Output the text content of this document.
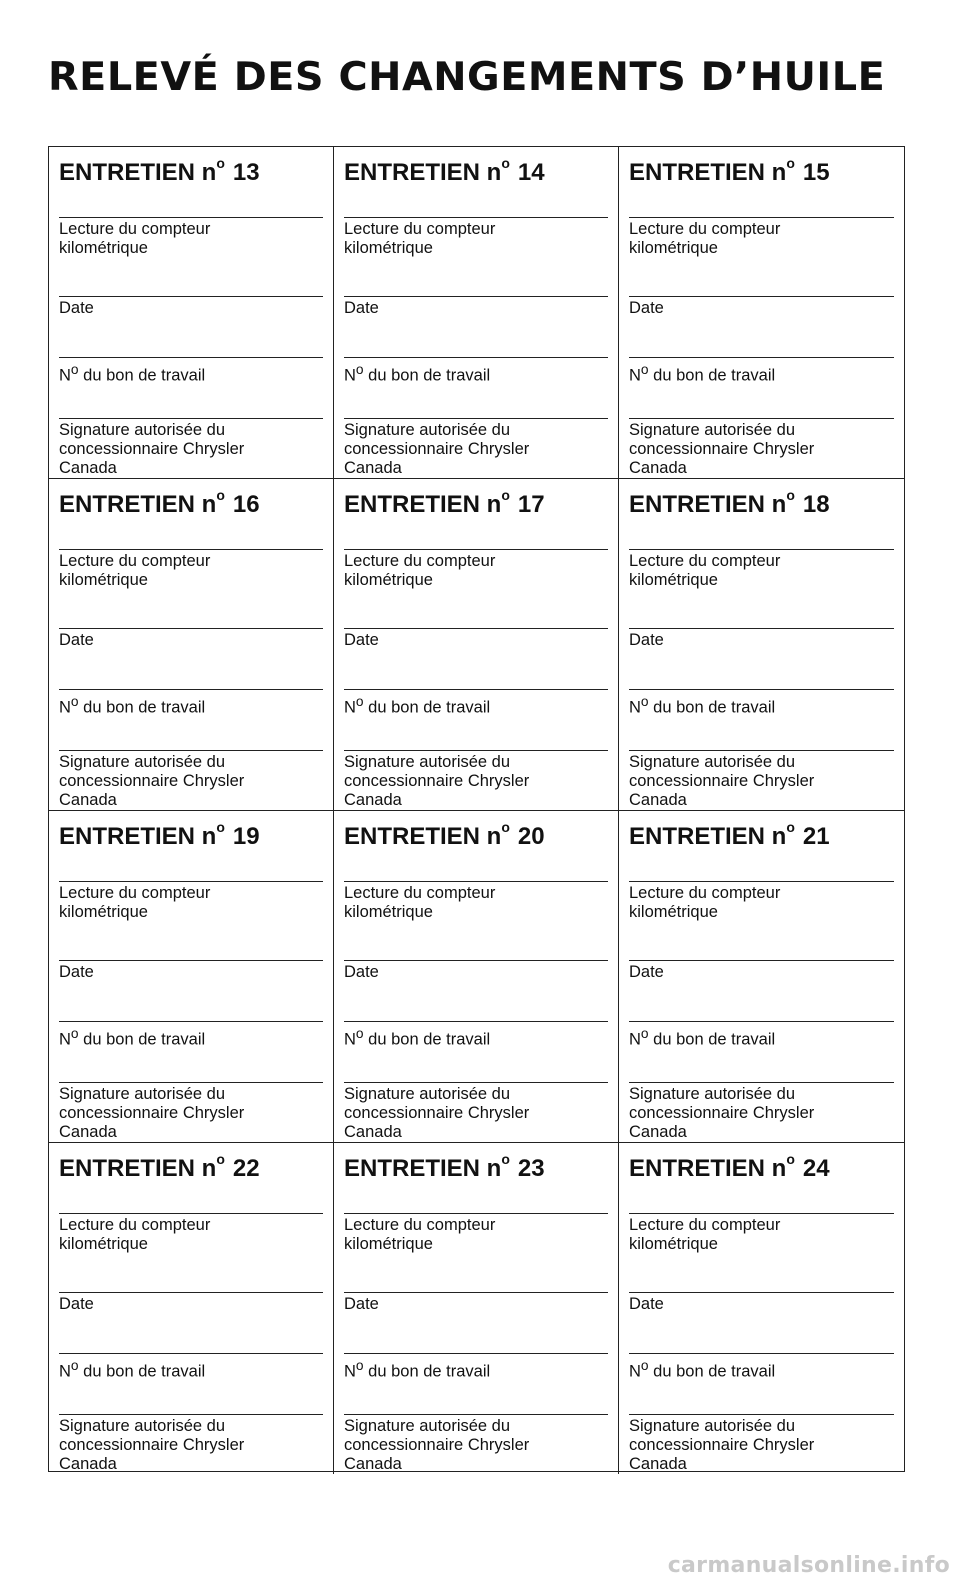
RELEVÉ DES CHANGEMENTS D’HUILE
ENTRETIEN $n^o$ 13
Lecture du compteur
kilométrique
Date
$N^o$ du bon de travail
Signature autorisée du
concessionnaire Chrysler
Canada
ENTRETIEN $n^o$ 14
Lecture du compteur
kilométrique
Date
$N^o$ du bon de travail
Signature autorisée du
concessionnaire Chrysler
Canada
ENTRETIEN $n^o$ 15
Lecture du compteur
kilométrique
Date
$N^o$ du bon de travail
Signature autorisée du
concessionnaire Chrysler
Canada
ENTRETIEN $n^o$ 16
Lecture du compteur
kilométrique
Date
$N^o$ du bon de travail
Signature autorisée du
concessionnaire Chrysler
Canada
ENTRETIEN $n^o$ 17
Lecture du compteur
kilométrique
Date
$N^o$ du bon de travail
Signature autorisée du
concessionnaire Chrysler
Canada
ENTRETIEN $n^o$ 18
Lecture du compteur
kilométrique
Date
$N^o$ du bon de travail
Signature autorisée du
concessionnaire Chrysler
Canada
ENTRETIEN $n^o$ 19
Lecture du compteur
kilométrique
Date
$N^o$ du bon de travail
Signature autorisée du
concessionnaire Chrysler
Canada
ENTRETIEN $n^o$ 20
Lecture du compteur
kilométrique
Date
$N^o$ du bon de travail
Signature autorisée du
concessionnaire Chrysler
Canada
ENTRETIEN $n^o$ 21
Lecture du compteur
kilométrique
Date
$N^o$ du bon de travail
Signature autorisée du
concessionnaire Chrysler
Canada
ENTRETIEN $n^o$ 22
Lecture du compteur
kilométrique
Date
$N^o$ du bon de travail
Signature autorisée du
concessionnaire Chrysler
Canada
ENTRETIEN $n^o$ 23
Lecture du compteur
kilométrique
Date
$N^o$ du bon de travail
Signature autorisée du
concessionnaire Chrysler
Canada
ENTRETIEN $n^o$ 24
Lecture du compteur
kilométrique
Date
$N^o$ du bon de travail
Signature autorisée du
concessionnaire Chrysler
Canada
carmanualsonline.info
